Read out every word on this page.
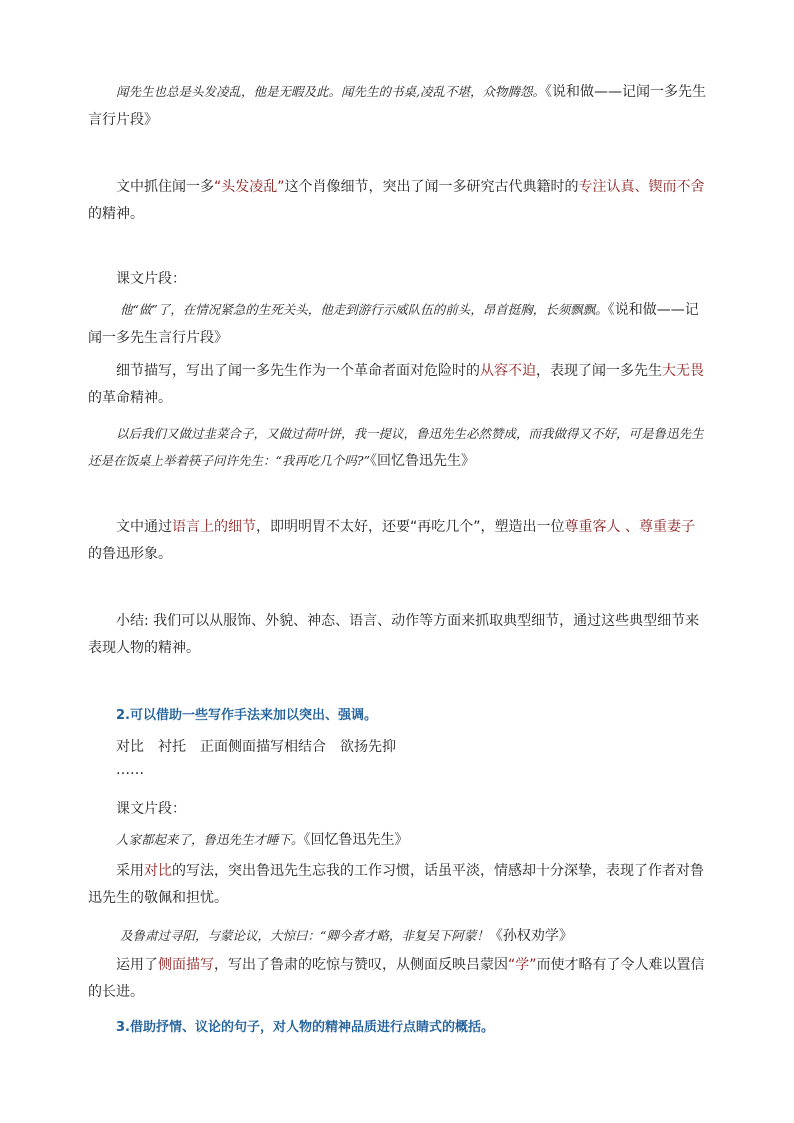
闻先生也总是头发凌乱，他是无暇及此。闻先生的书桌,凌乱不堪，众物腾怨。《说和做——记闻一多先生言行片段》

文中抓住闻一多“头发凌乱”这个肖像细节，突出了闻一多研究古代典籍时的专注认真、锲而不舍的精神。

课文片段：

他“做”了，在情况紧急的生死关头，他走到游行示威队伍的前头，昂首挺胸，长须飘飘。《说和做——记闻一多先生言行片段》

细节描写，写出了闻一多先生作为一个革命者面对危险时的从容不迫，表现了闻一多先生大无畏的革命精神。

以后我们又做过韭菜合子，又做过荷叶饼，我一提议，鲁迅先生必然赞成，而我做得又不好，可是鲁迅先生还是在饭桌上举着筷子问许先生：“我再吃几个吗?”《回忆鲁迅先生》

文中通过语言上的细节，即明明胃不太好，还要“再吃几个”，塑造出一位尊重客人 、尊重妻子的鲁迅形象。

小结: 我们可以从服饰、外貌、神态、语言、动作等方面来抓取典型细节，通过这些典型细节来表现人物的精神。

2.可以借助一些写作手法来加以突出、强调。

对比 衬托 正面侧面描写相结合 欲扬先抑

……

课文片段：

人家都起来了，鲁迅先生才睡下。《回忆鲁迅先生》

采用对比的写法，突出鲁迅先生忘我的工作习惯，话虽平淡，情感却十分深挚，表现了作者对鲁迅先生的敬佩和担忧。

及鲁肃过寻阳，与蒙论议，大惊曰：“卿今者才略，非复吴下阿蒙！《孙权劝学》

运用了侧面描写，写出了鲁肃的吃惊与赞叹，从侧面反映吕蒙因“学”而使才略有了令人难以置信的长进。

3.借助抒情、议论的句子，对人物的精神品质进行点睛式的概括。
